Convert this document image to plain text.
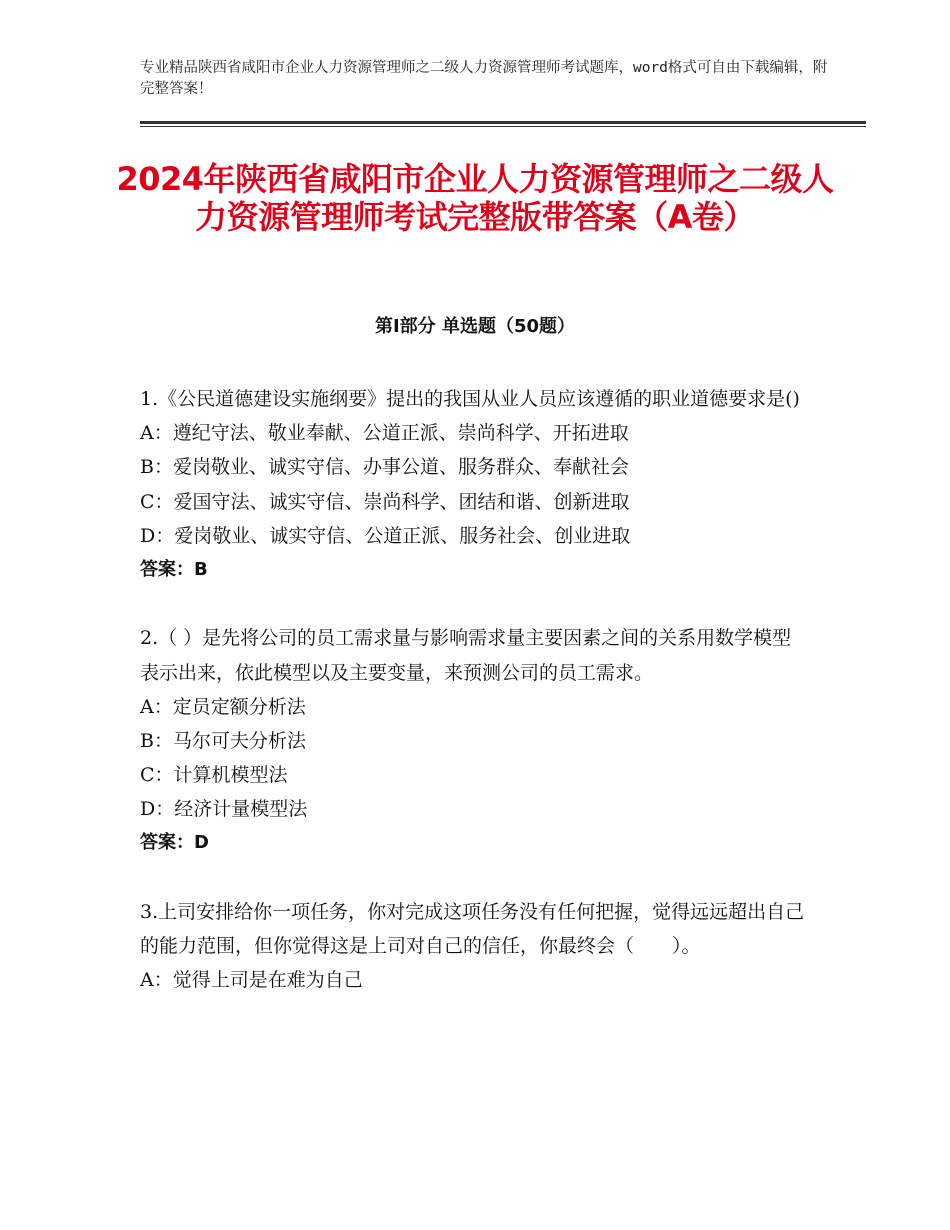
专业精品陕西省咸阳市企业人力资源管理师之二级人力资源管理师考试题库，word格式可自由下载编辑，附完整答案！
2024年陕西省咸阳市企业人力资源管理师之二级人力资源管理师考试完整版带答案（A卷）
第Ⅰ部分 单选题（50题）

1.《公民道德建设实施纲要》提出的我国从业人员应该遵循的职业道德要求是()

A：遵纪守法、敬业奉献、公道正派、崇尚科学、开拓进取

B：爱岗敬业、诚实守信、办事公道、服务群众、奉献社会

C：爱国守法、诚实守信、崇尚科学、团结和谐、创新进取

D：爱岗敬业、诚实守信、公道正派、服务社会、创业进取

答案：B

2.（ ）是先将公司的员工需求量与影响需求量主要因素之间的关系用数学模型表示出来，依此模型以及主要变量，来预测公司的员工需求。

A：定员定额分析法

B：马尔可夫分析法

C：计算机模型法

D：经济计量模型法

答案：D

3.上司安排给你一项任务，你对完成这项任务没有任何把握，觉得远远超出自己的能力范围，但你觉得这是上司对自己的信任，你最终会（　　）。

A：觉得上司是在难为自己
